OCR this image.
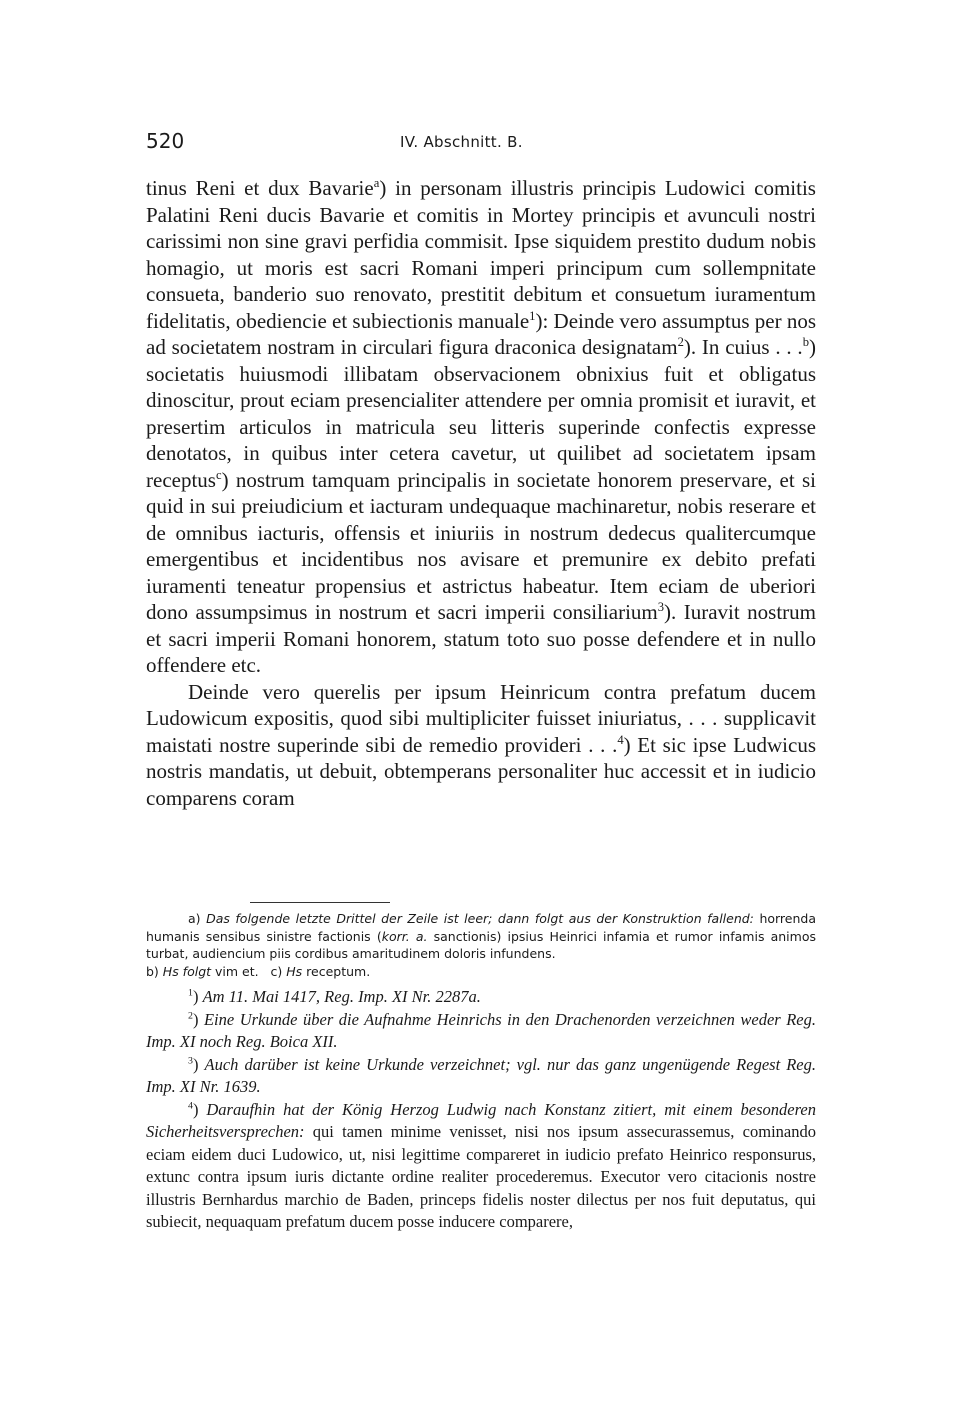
520	IV. Abschnitt. B.

tinus Reni et dux Bavarie$^a$) in personam illustris principis Ludowici comitis Palatini Reni ducis Bavarie et comitis in Mortey principis et avunculi nostri carissimi non sine gravi perfidia commisit. Ipse siquidem prestito dudum nobis homagio, ut moris est sacri Romani imperi principum cum sollempnitate consueta, banderio suo renovato, prestitit debitum et consuetum iuramentum fidelitatis, obediencie et subiectionis manuale$^1$): Deinde vero assumptus per nos ad societatem nostram in circulari figura draconica designatam$^2$). In cuius . . .$^b$) societatis huiusmodi illibatam observacionem obnixius fuit et obligatus dinoscitur, prout eciam presencialiter attendere per omnia promisit et iuravit, et presertim articulos in matricula seu litteris superinde confectis expresse denotatos, in quibus inter cetera cavetur, ut quilibet ad societatem ipsam receptus$^c$) nostrum tamquam principalis in societate honorem preservare, et si quid in sui preiudicium et iacturam undequaque machinaretur, nobis reserare et de omnibus iacturis, offensis et iniuriis in nostrum dedecus qualitercumque emergentibus et incidentibus nos avisare et premunire ex debito prefati iuramenti teneatur propensius et astrictus habeatur. Item eciam de uberiori dono assumpsimus in nostrum et sacri imperii consiliarium$^3$). Iuravit nostrum et sacri imperii Romani honorem, statum toto suo posse defendere et in nullo offendere etc.

Deinde vero querelis per ipsum Heinricum contra prefatum ducem Ludowicum expositis, quod sibi multipliciter fuisset iniuriatus, . . . supplicavit maistati nostre superinde sibi de remedio provideri . . .$^4$) Et sic ipse Ludwicus nostris mandatis, ut debuit, obtemperans personaliter huc accessit et in iudicio comparens coram

a) Das folgende letzte Drittel der Zeile ist leer; dann folgt aus der Konstruktion fallend: horrenda humanis sensibus sinistre factionis (korr. a. sanctionis) ipsius Heinrici infamia et rumor infamis animos turbat, audiencium piis cordibus amaritudinem doloris infundens.

b) Hs folgt vim et. c) Hs receptum.

$^1$) Am 11. Mai 1417, Reg. Imp. XI Nr. 2287a.

$^2$) Eine Urkunde über die Aufnahme Heinrichs in den Drachenorden verzeichnen weder Reg. Imp. XI noch Reg. Boica XII.

$^3$) Auch darüber ist keine Urkunde verzeichnet; vgl. nur das ganz ungenügende Regest Reg. Imp. XI Nr. 1639.

$^4$) Daraufhin hat der König Herzog Ludwig nach Konstanz zitiert, mit einem besonderen Sicherheitsversprechen: qui tamen minime venisset, nisi nos ipsum assecurassemus, cominando eciam eidem duci Ludowico, ut, nisi legittime compareret in iudicio prefato Heinrico responsurus, extunc contra ipsum iuris dictante ordine realiter procederemus. Executor vero citacionis nostre illustris Bernhardus marchio de Baden, princeps fidelis noster dilectus per nos fuit deputatus, qui subiecit, nequaquam prefatum ducem posse inducere comparere,
